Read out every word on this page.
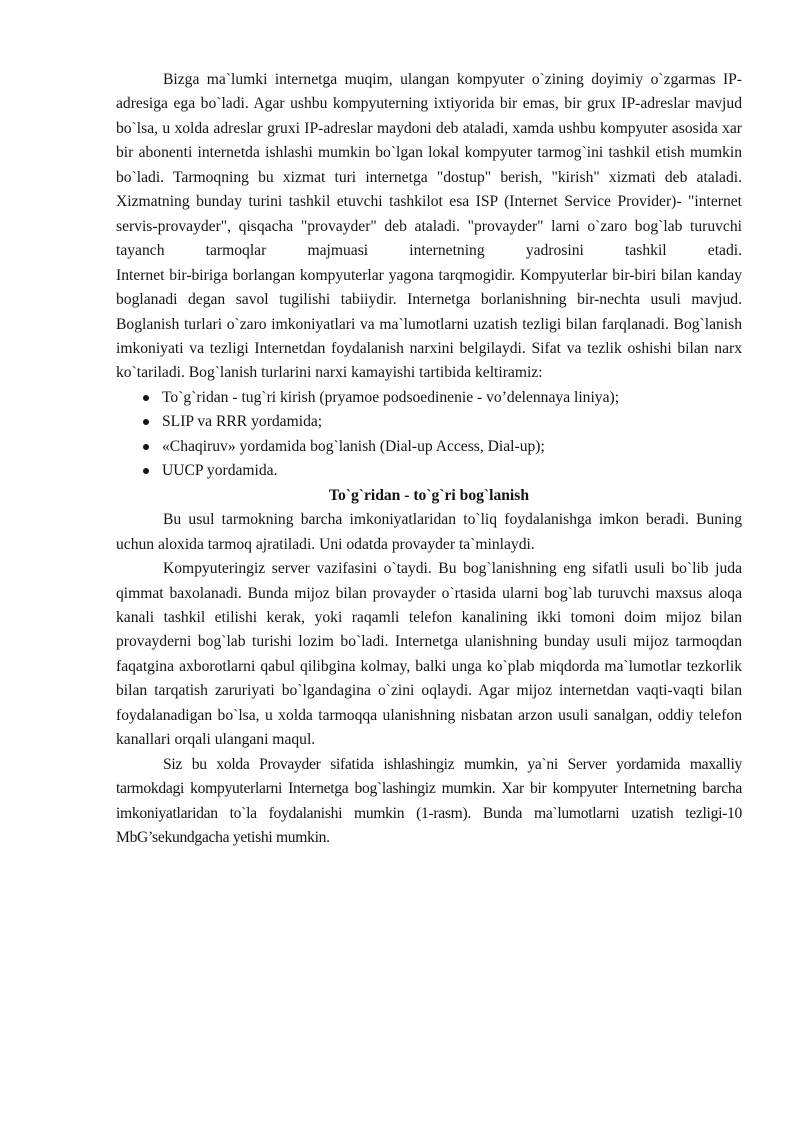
Bizga ma`lumki internetga muqim, ulangan kompyuter o`zining doyimiy o`zgarmas IP-adresiga ega bo`ladi. Agar ushbu kompyuterning ixtiyorida bir emas, bir grux IP-adreslar mavjud bo`lsa, u xolda adreslar gruxi IP-adreslar maydoni deb ataladi, xamda ushbu kompyuter asosida xar bir abonenti internetda ishlashi mumkin bo`lgan lokal kompyuter tarmog`ini tashkil etish mumkin bo`ladi. Tarmoqning bu xizmat turi internetga "dostup" berish, "kirish" xizmati deb ataladi. Xizmatning bunday turini tashkil etuvchi tashkilot esa ISP (Internet Service Provider)- "internet servis-provayder", qisqacha "provayder" deb ataladi. "provayder" larni o`zaro bog`lab turuvchi tayanch tarmoqlar majmuasi internetning yadrosini tashkil etadi.

Internet bir-biriga borlangan kompyuterlar yagona tarqmogidir. Kompyuterlar bir-biri bilan kanday boglanadi degan savol tugilishi tabiiydir. Internetga borlanishning bir-nechta usuli mavjud. Boglanish turlari o`zaro imkoniyatlari va ma`lumotlarni uzatish tezligi bilan farqlanadi. Bog`lanish imkoniyati va tezligi Internetdan foydalanish narxini belgilaydi. Sifat va tezlik oshishi bilan narx ko`tariladi. Bog`lanish turlarini narxi kamayishi tartibida keltiramiz:

To`g`ridan - tug`ri kirish (pryamoe podsoedinenie - vo’delennaya liniya);
SLIP va RRR yordamida;
«Chaqiruv» yordamida bog`lanish (Dial-up Access, Dial-up);
UUCP yordamida.

To`g`ridan - to`g`ri bog`lanish

Bu usul tarmokning barcha imkoniyatlaridan to`liq foydalanishga imkon beradi. Buning uchun aloxida tarmoq ajratiladi. Uni odatda provayder ta`minlaydi.

Kompyuteringiz server vazifasini o`taydi. Bu bog`lanishning eng sifatli usuli bo`lib juda qimmat baxolanadi. Bunda mijoz bilan provayder o`rtasida ularni bog`lab turuvchi maxsus aloqa kanali tashkil etilishi kerak, yoki raqamli telefon kanalining ikki tomoni doim mijoz bilan provayderni bog`lab turishi lozim bo`ladi. Internetga ulanishning bunday usuli mijoz tarmoqdan faqatgina axborotlarni qabul qilibgina kolmay, balki unga ko`plab miqdorda ma`lumotlar tezkorlik bilan tarqatish zaruriyati bo`lgandagina o`zini oqlaydi. Agar mijoz internetdan vaqti-vaqti bilan foydalanadigan bo`lsa, u xolda tarmoqqa ulanishning nisbatan arzon usuli sanalgan, oddiy telefon kanallari orqali ulangani maqul.

Siz bu xolda Provayder sifatida ishlashingiz mumkin, ya`ni Server yordamida maxalliy tarmokdagi kompyuterlarni Internetga bog`lashingiz mumkin. Xar bir kompyuter Internetning barcha imkoniyatlaridan to`la foydalanishi mumkin (1-rasm). Bunda ma`lumotlarni uzatish tezligi-10 MbG’sekundgacha yetishi mumkin.
